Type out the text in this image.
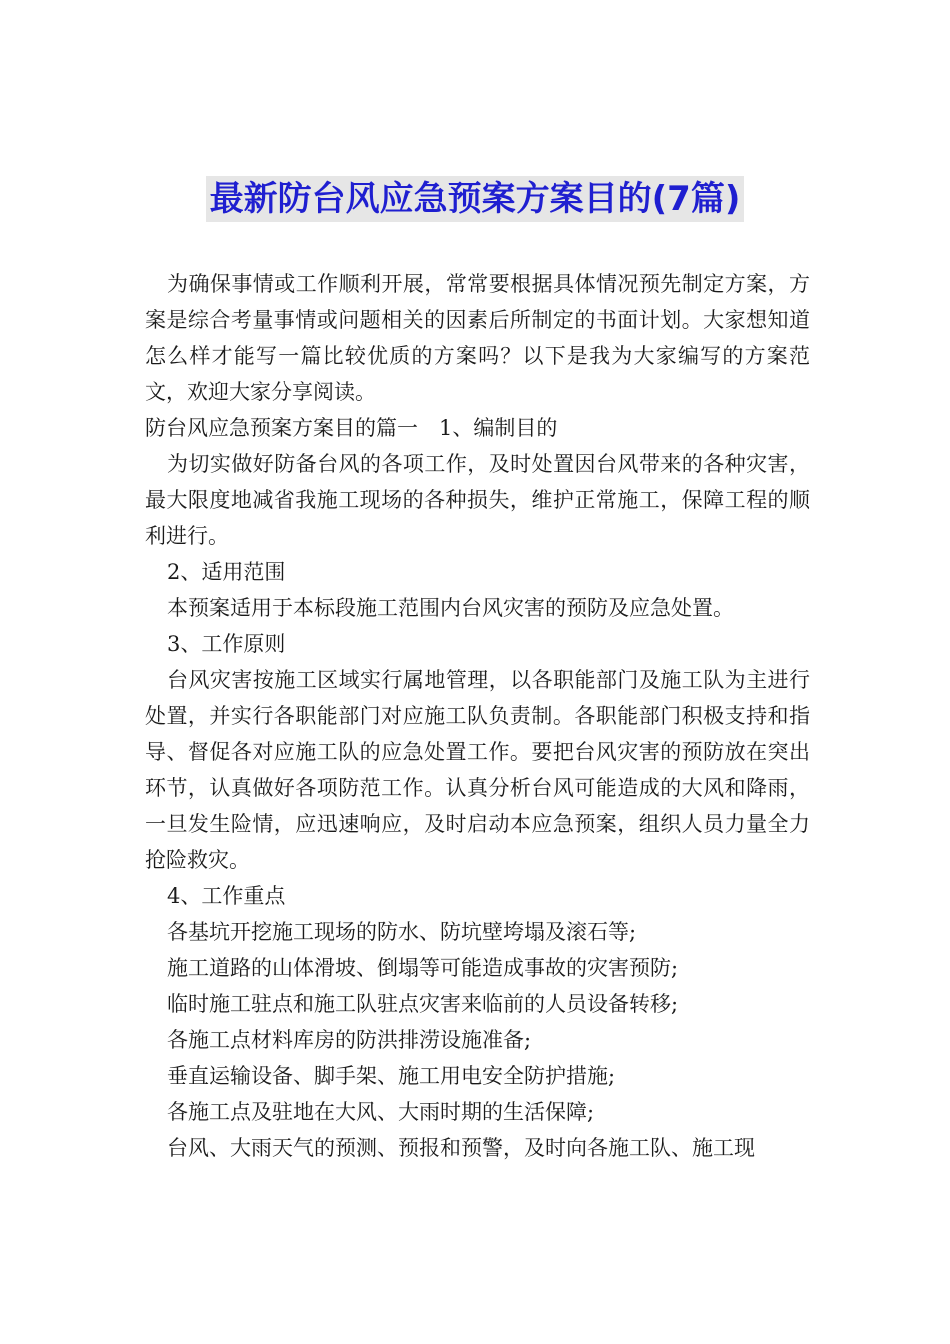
最新防台风应急预案方案目的(7篇)

为确保事情或工作顺利开展，常常要根据具体情况预先制定方案，方案是综合考量事情或问题相关的因素后所制定的书面计划。大家想知道怎么样才能写一篇比较优质的方案吗？以下是我为大家编写的方案范文，欢迎大家分享阅读。

防台风应急预案方案目的篇一　1、编制目的

为切实做好防备台风的各项工作，及时处置因台风带来的各种灾害，最大限度地减省我施工现场的各种损失，维护正常施工，保障工程的顺利进行。

2、适用范围

本预案适用于本标段施工范围内台风灾害的预防及应急处置。

3、工作原则

台风灾害按施工区域实行属地管理，以各职能部门及施工队为主进行处置，并实行各职能部门对应施工队负责制。各职能部门积极支持和指导、督促各对应施工队的应急处置工作。要把台风灾害的预防放在突出环节，认真做好各项防范工作。认真分析台风可能造成的大风和降雨，一旦发生险情，应迅速响应，及时启动本应急预案，组织人员力量全力抢险救灾。

4、工作重点

各基坑开挖施工现场的防水、防坑壁垮塌及滚石等;

施工道路的山体滑坡、倒塌等可能造成事故的灾害预防;

临时施工驻点和施工队驻点灾害来临前的人员设备转移;

各施工点材料库房的防洪排涝设施准备;

垂直运输设备、脚手架、施工用电安全防护措施;

各施工点及驻地在大风、大雨时期的生活保障;

台风、大雨天气的预测、预报和预警，及时向各施工队、施工现
